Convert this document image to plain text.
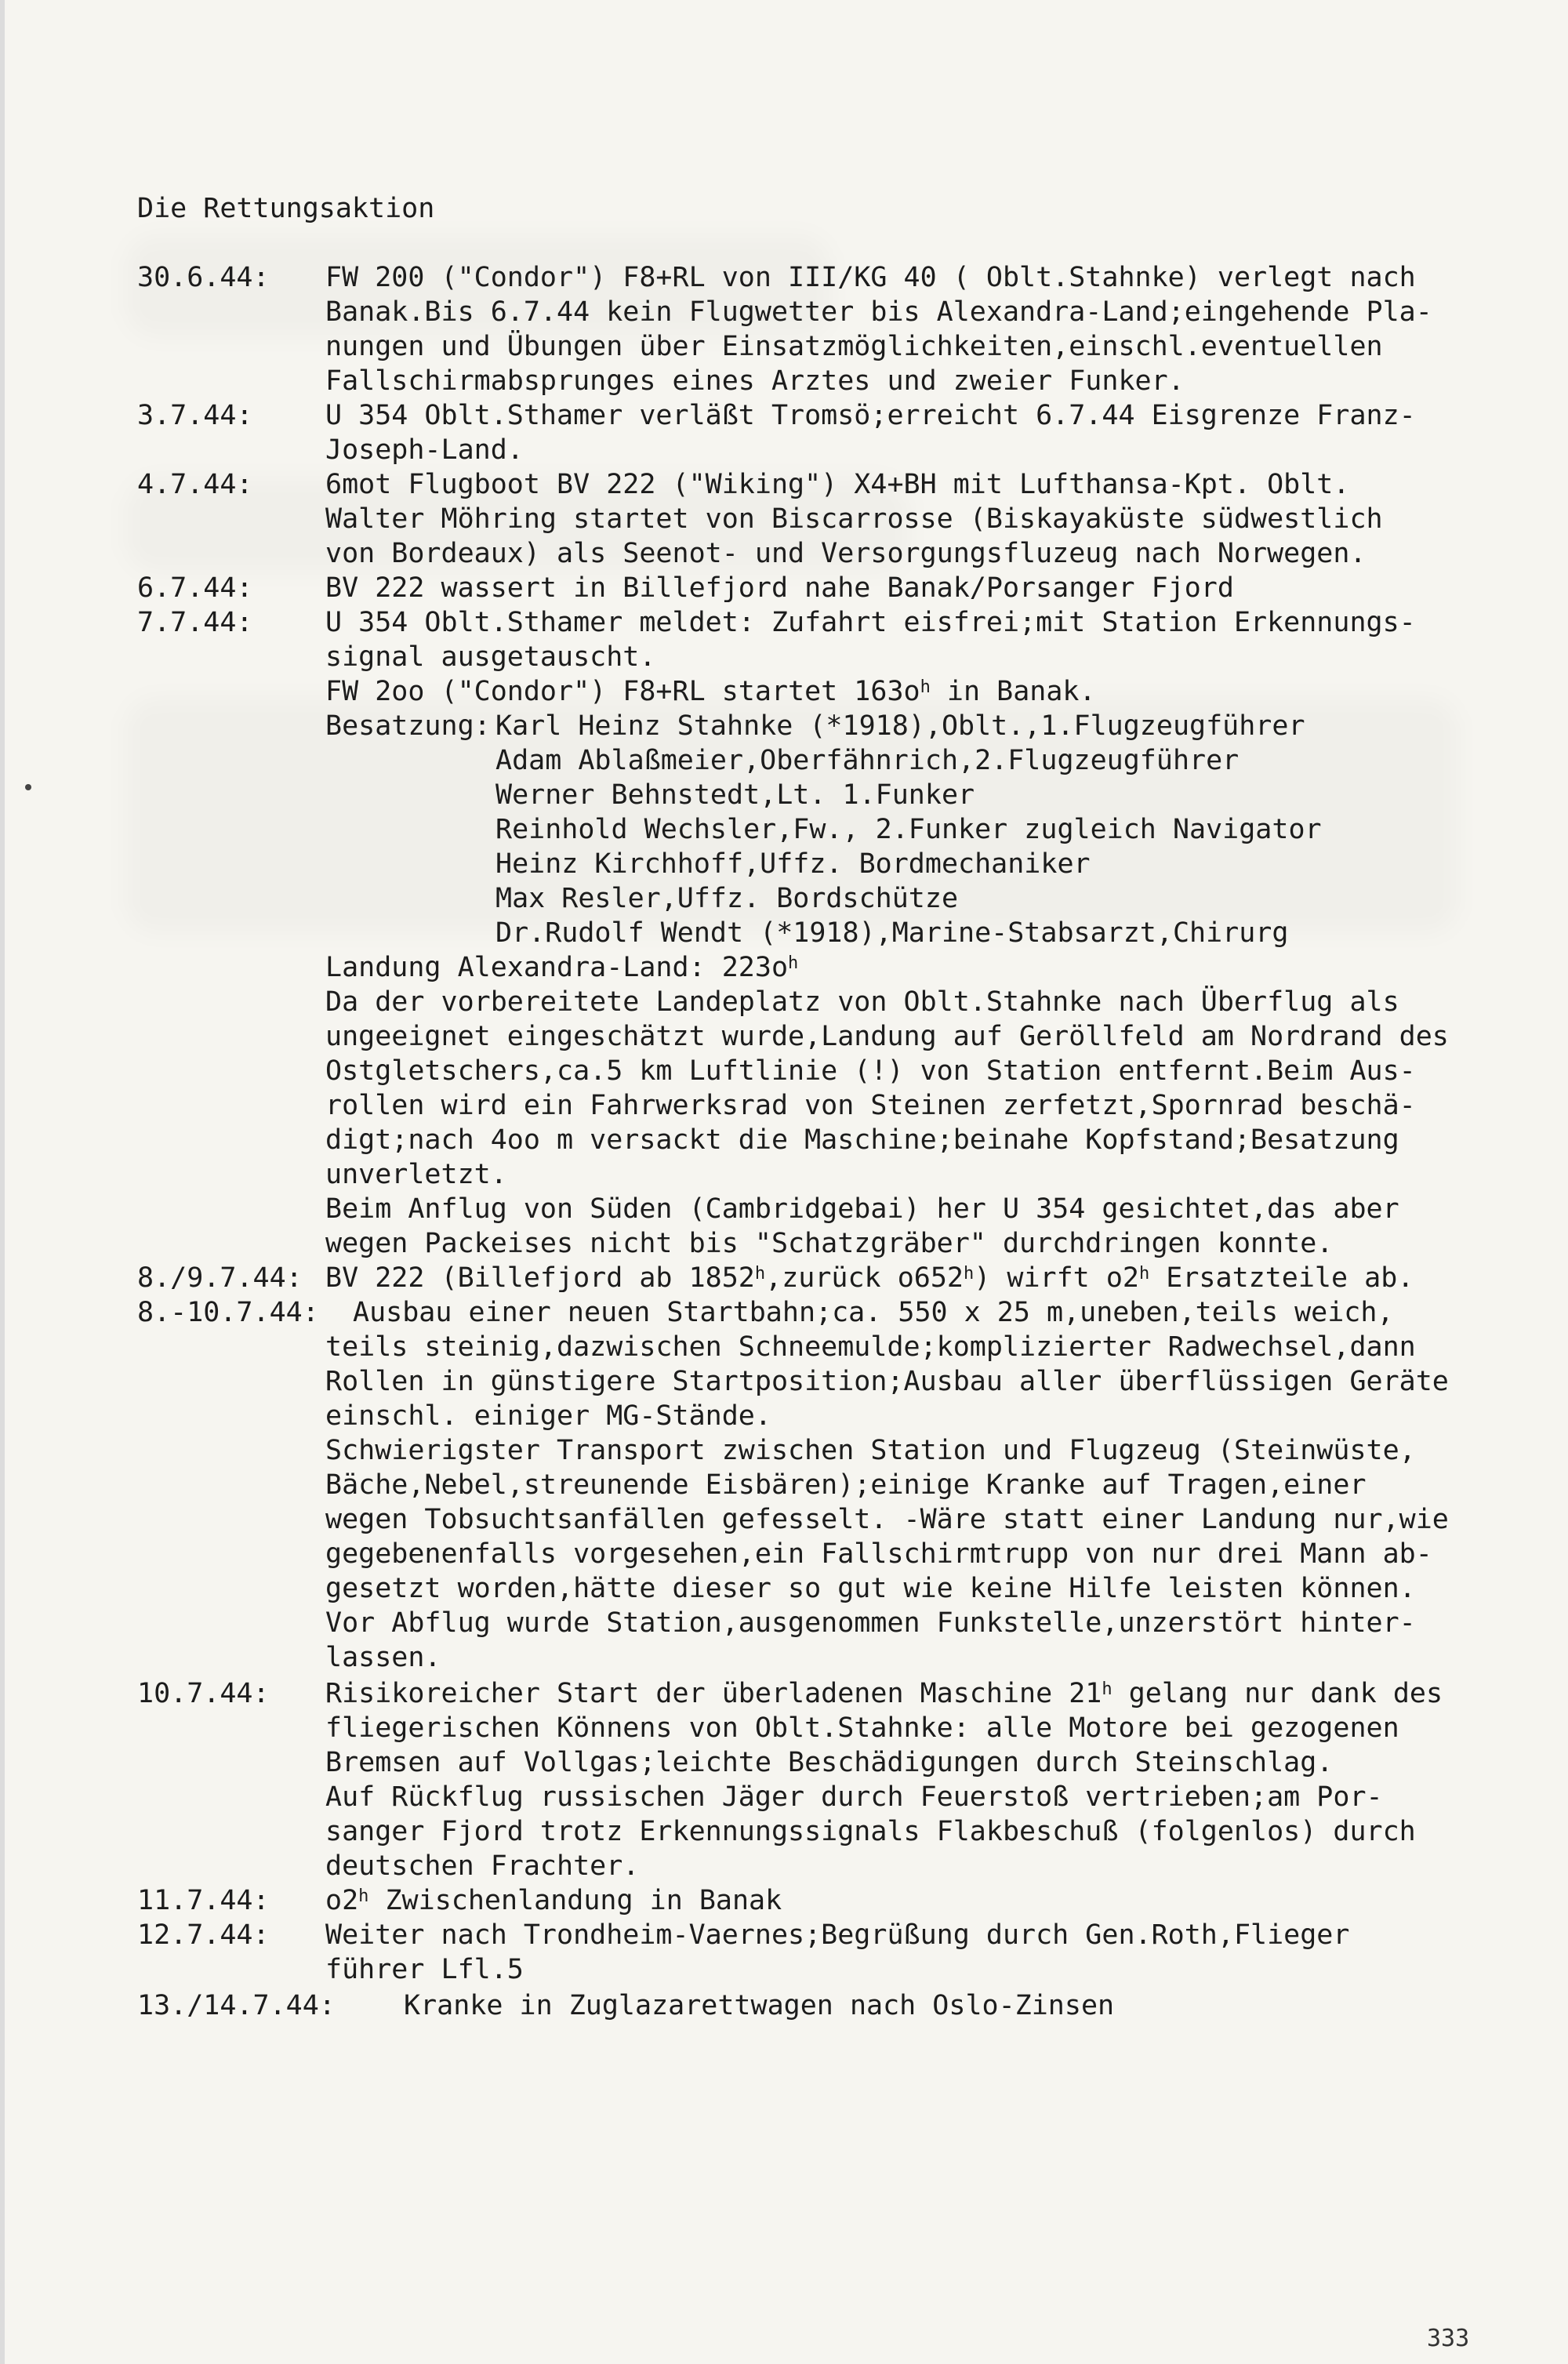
Die Rettungsaktion
30.6.44: FW 200 ("Condor") F8+RL von III/KG 40 ( Oblt.Stahnke) verlegt nach
Banak.Bis 6.7.44 kein Flugwetter bis Alexandra-Land;eingehende Pla-
nungen und Übungen über Einsatzmöglichkeiten,einschl.eventuellen
Fallschirmabsprunges eines Arztes und zweier Funker.
3.7.44:	U 354 Oblt.Sthamer verläßt Tromsö;erreicht 6.7.44 Eisgrenze Franz-
Joseph-Land.
4.7.44:	6mot Flugboot BV 222 ("Wiking") X4+BH mit Lufthansa-Kpt. Oblt.
Walter Möhring startet von Biscarrosse (Biskayaküste südwestlich
von Bordeaux) als Seenot- und Versorgungsfluzeug nach Norwegen.
6.7.44:	BV 222 wassert in Billefjord nahe Banak/Porsanger Fjord
7.7.44:	U 354 Oblt.Sthamer meldet: Zufahrt eisfrei;mit Station Erkennungs-
signal ausgetauscht.
FW 2oo ("Condor") F8+RL startet $163o^h$ in Banak.
Besatzung: Karl Heinz Stahnke (*1918),Oblt.,1.Flugzeugführer
Adam Ablaßmeier,Oberfähnrich,2.Flugzeugführer
Werner Behnstedt,Lt. 1.Funker
Reinhold Wechsler,Fw., 2.Funker zugleich Navigator
Heinz Kirchhoff,Uffz. Bordmechaniker
Max Resler,Uffz. Bordschütze
Dr.Rudolf Wendt (*1918),Marine-Stabsarzt,Chirurg
Landung Alexandra-Land: $223o^h$
Da der vorbereitete Landeplatz von Oblt.Stahnke nach Überflug als
ungeeignet eingeschätzt wurde,Landung auf Geröllfeld am Nordrand des
Ostgletschers,ca.5 km Luftlinie (!) von Station entfernt.Beim Aus-
rollen wird ein Fahrwerksrad von Steinen zerfetzt,Spornrad beschä-
digt;nach 4oo m versackt die Maschine;beinahe Kopfstand;Besatzung
unverletzt.
Beim Anflug von Süden (Cambridgebai) her U 354 gesichtet,das aber
wegen Packeises nicht bis "Schatzgräber" durchdringen konnte.
8./9.7.44: BV 222 (Billefjord ab 1852$^h$,zurück o652$^h$) wirft o2$^h$ Ersatzteile ab.
8.-10.7.44: Ausbau einer neuen Startbahn;ca. 550 x 25 m,uneben,teils weich,
teils steinig,dazwischen Schneemulde;komplizierter Radwechsel,dann
Rollen in günstigere Startposition;Ausbau aller überflüssigen Geräte
einschl. einiger MG-Stände.
Schwierigster Transport zwischen Station und Flugzeug (Steinwüste,
Bäche,Nebel,streunende Eisbären);einige Kranke auf Tragen,einer
wegen Tobsuchtsanfällen gefesselt. -Wäre statt einer Landung nur,wie
gegebenenfalls vorgesehen,ein Fallschirmtrupp von nur drei Mann ab-
gesetzt worden,hätte dieser so gut wie keine Hilfe leisten können.
Vor Abflug wurde Station,ausgenommen Funkstelle,unzerstört hinter-
lassen.
10.7.44: Risikoreicher Start der überladenen Maschine 21$^h$ gelang nur dank des
fliegerischen Könnens von Oblt.Stahnke: alle Motore bei gezogenen
Bremsen auf Vollgas;leichte Beschädigungen durch Steinschlag.
Auf Rückflug russischen Jäger durch Feuerstoß vertrieben;am Por-
sanger Fjord trotz Erkennungssignals Flakbeschuß (folgenlos) durch
deutschen Frachter.
11.7.44: o2$^h$ Zwischenlandung in Banak
12.7.44: Weiter nach Trondheim-Vaernes;Begrüßung durch Gen.Roth,Flieger
führer Lfl.5
13./14.7.44: Kranke in Zuglazarettwagen nach Oslo-Zinsen
333
